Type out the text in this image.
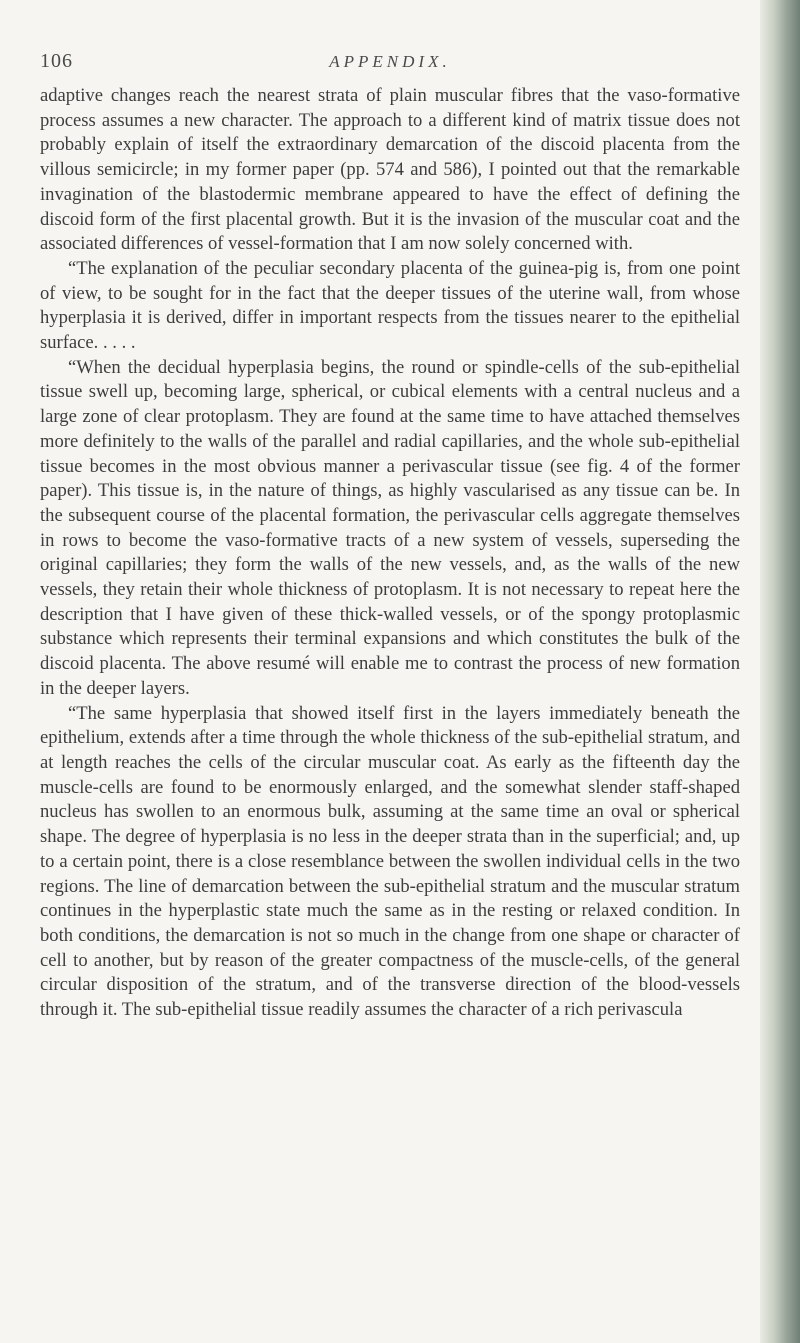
106	APPENDIX.

adaptive changes reach the nearest strata of plain muscular fibres that the vaso-formative process assumes a new character. The approach to a different kind of matrix tissue does not probably explain of itself the extraordinary demarcation of the discoid placenta from the villous semicircle; in my former paper (pp. 574 and 586), I pointed out that the remarkable invagination of the blastodermic membrane appeared to have the effect of defining the discoid form of the first placental growth. But it is the invasion of the muscular coat and the associated differences of vessel-formation that I am now solely concerned with.

“The explanation of the peculiar secondary placenta of the guinea-pig is, from one point of view, to be sought for in the fact that the deeper tissues of the uterine wall, from whose hyperplasia it is derived, differ in important respects from the tissues nearer to the epithelial surface. . . . .

“When the decidual hyperplasia begins, the round or spindle-cells of the sub-epithelial tissue swell up, becoming large, spherical, or cubical elements with a central nucleus and a large zone of clear protoplasm. They are found at the same time to have attached themselves more definitely to the walls of the parallel and radial capillaries, and the whole sub-epithelial tissue becomes in the most obvious manner a perivascular tissue (see fig. 4 of the former paper). This tissue is, in the nature of things, as highly vascularised as any tissue can be. In the subsequent course of the placental formation, the perivascular cells aggregate themselves in rows to become the vaso-formative tracts of a new system of vessels, superseding the original capillaries; they form the walls of the new vessels, and, as the walls of the new vessels, they retain their whole thickness of protoplasm. It is not necessary to repeat here the description that I have given of these thick-walled vessels, or of the spongy protoplasmic substance which represents their terminal expansions and which constitutes the bulk of the discoid placenta. The above resumé will enable me to contrast the process of new formation in the deeper layers.

“The same hyperplasia that showed itself first in the layers immediately beneath the epithelium, extends after a time through the whole thickness of the sub-epithelial stratum, and at length reaches the cells of the circular muscular coat. As early as the fifteenth day the muscle-cells are found to be enormously enlarged, and the somewhat slender staff-shaped nucleus has swollen to an enormous bulk, assuming at the same time an oval or spherical shape. The degree of hyperplasia is no less in the deeper strata than in the superficial; and, up to a certain point, there is a close resemblance between the swollen individual cells in the two regions. The line of demarcation between the sub-epithelial stratum and the muscular stratum continues in the hyperplastic state much the same as in the resting or relaxed condition. In both conditions, the demarcation is not so much in the change from one shape or character of cell to another, but by reason of the greater compactness of the muscle-cells, of the general circular disposition of the stratum, and of the transverse direction of the blood-vessels through it. The sub-epithelial tissue readily assumes the character of a rich perivascula
